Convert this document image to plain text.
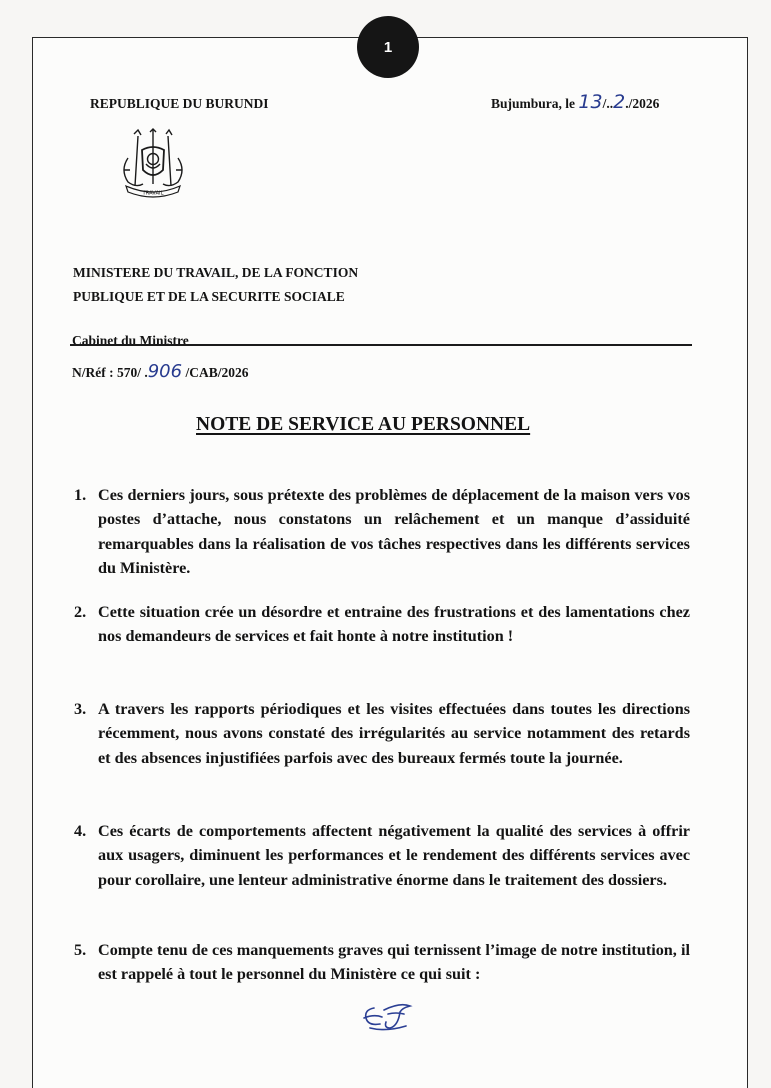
1
REPUBLIQUE DU BURUNDI	Bujumbura, le 13/..2./2026
TRAVAIL
MINISTERE DU TRAVAIL, DE LA FONCTION
PUBLIQUE ET DE LA SECURITE SOCIALE
Cabinet du Ministre
N/Réf : 570/ .906 /CAB/2026
NOTE DE SERVICE AU PERSONNEL
1. Ces derniers jours, sous prétexte des problèmes de déplacement de la maison vers vos postes d’attache, nous constatons un relâchement et un manque d’assiduité remarquables dans la réalisation de vos tâches respectives dans les différents services du Ministère.
2. Cette situation crée un désordre et entraine des frustrations et des lamentations chez nos demandeurs de services et fait honte à notre institution !
3. A travers les rapports périodiques et les visites effectuées dans toutes les directions récemment, nous avons constaté des irrégularités au service notamment des retards et des absences injustifiées parfois avec des bureaux fermés toute la journée.
4. Ces écarts de comportements affectent négativement la qualité des services à offrir aux usagers, diminuent les performances et le rendement des différents services avec pour corollaire, une lenteur administrative énorme dans le traitement des dossiers.
5. Compte tenu de ces manquements graves qui ternissent l’image de notre institution, il est rappelé à tout le personnel du Ministère ce qui suit :
